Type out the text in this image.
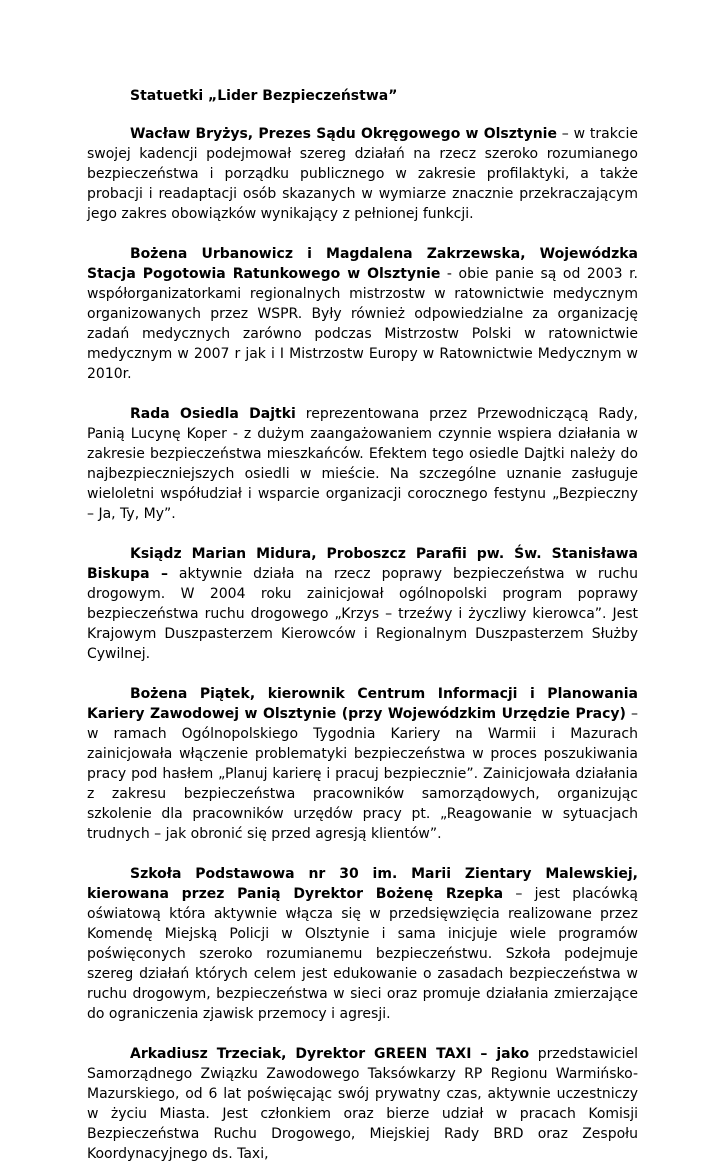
Statuetki „Lider Bezpieczeństwa”

Wacław Bryżys, Prezes Sądu Okręgowego w Olsztynie – w trakcie swojej kadencji podejmował szereg działań na rzecz szeroko rozumianego bezpieczeństwa i porządku publicznego w zakresie profilaktyki, a także probacji i readaptacji osób skazanych w wymiarze znacznie przekraczającym jego zakres obowiązków wynikający z pełnionej funkcji.

Bożena Urbanowicz i Magdalena Zakrzewska, Wojewódzka Stacja Pogotowia Ratunkowego w Olsztynie - obie panie są od 2003 r. współorganizatorkami regionalnych mistrzostw w ratownictwie medycznym organizowanych przez WSPR. Były również odpowiedzialne za organizację zadań medycznych zarówno podczas Mistrzostw Polski w ratownictwie medycznym w 2007 r jak i I Mistrzostw Europy w Ratownictwie Medycznym w 2010r.

Rada Osiedla Dajtki reprezentowana przez Przewodniczącą Rady, Panią Lucynę Koper - z dużym zaangażowaniem czynnie wspiera działania w zakresie bezpieczeństwa mieszkańców. Efektem tego osiedle Dajtki należy do najbezpieczniejszych osiedli w mieście. Na szczególne uznanie zasługuje wieloletni współudział i wsparcie organizacji corocznego festynu „Bezpieczny – Ja, Ty, My”.

Ksiądz Marian Midura, Proboszcz Parafii pw. Św. Stanisława Biskupa – aktywnie działa na rzecz poprawy bezpieczeństwa w ruchu drogowym. W 2004 roku zainicjował ogólnopolski program poprawy bezpieczeństwa ruchu drogowego „Krzys – trzeźwy i życzliwy kierowca”. Jest Krajowym Duszpasterzem Kierowców i Regionalnym Duszpasterzem Służby Cywilnej.

Bożena Piątek, kierownik Centrum Informacji i Planowania Kariery Zawodowej w Olsztynie (przy Wojewódzkim Urzędzie Pracy) – w ramach Ogólnopolskiego Tygodnia Kariery na Warmii i Mazurach zainicjowała włączenie problematyki bezpieczeństwa w proces poszukiwania pracy pod hasłem „Planuj karierę i pracuj bezpiecznie”. Zainicjowała działania z zakresu bezpieczeństwa pracowników samorządowych, organizując szkolenie dla pracowników urzędów pracy pt. „Reagowanie w sytuacjach trudnych – jak obronić się przed agresją klientów”.

Szkoła Podstawowa nr 30 im. Marii Zientary Malewskiej, kierowana przez Panią Dyrektor Bożenę Rzepka – jest placówką oświatową która aktywnie włącza się w przedsięwzięcia realizowane przez Komendę Miejską Policji w Olsztynie i sama inicjuje wiele programów poświęconych szeroko rozumianemu bezpieczeństwu. Szkoła podejmuje szereg działań których celem jest edukowanie o zasadach bezpieczeństwa w ruchu drogowym, bezpieczeństwa w sieci oraz promuje działania zmierzające do ograniczenia zjawisk przemocy i agresji.

Arkadiusz Trzeciak, Dyrektor GREEN TAXI – jako przedstawiciel Samorządnego Związku Zawodowego Taksówkarzy RP Regionu Warmińsko-Mazurskiego, od 6 lat poświęcając swój prywatny czas, aktywnie uczestniczy w życiu Miasta. Jest członkiem oraz bierze udział w pracach Komisji Bezpieczeństwa Ruchu Drogowego, Miejskiej Rady BRD oraz Zespołu Koordynacyjnego ds. Taxi,
